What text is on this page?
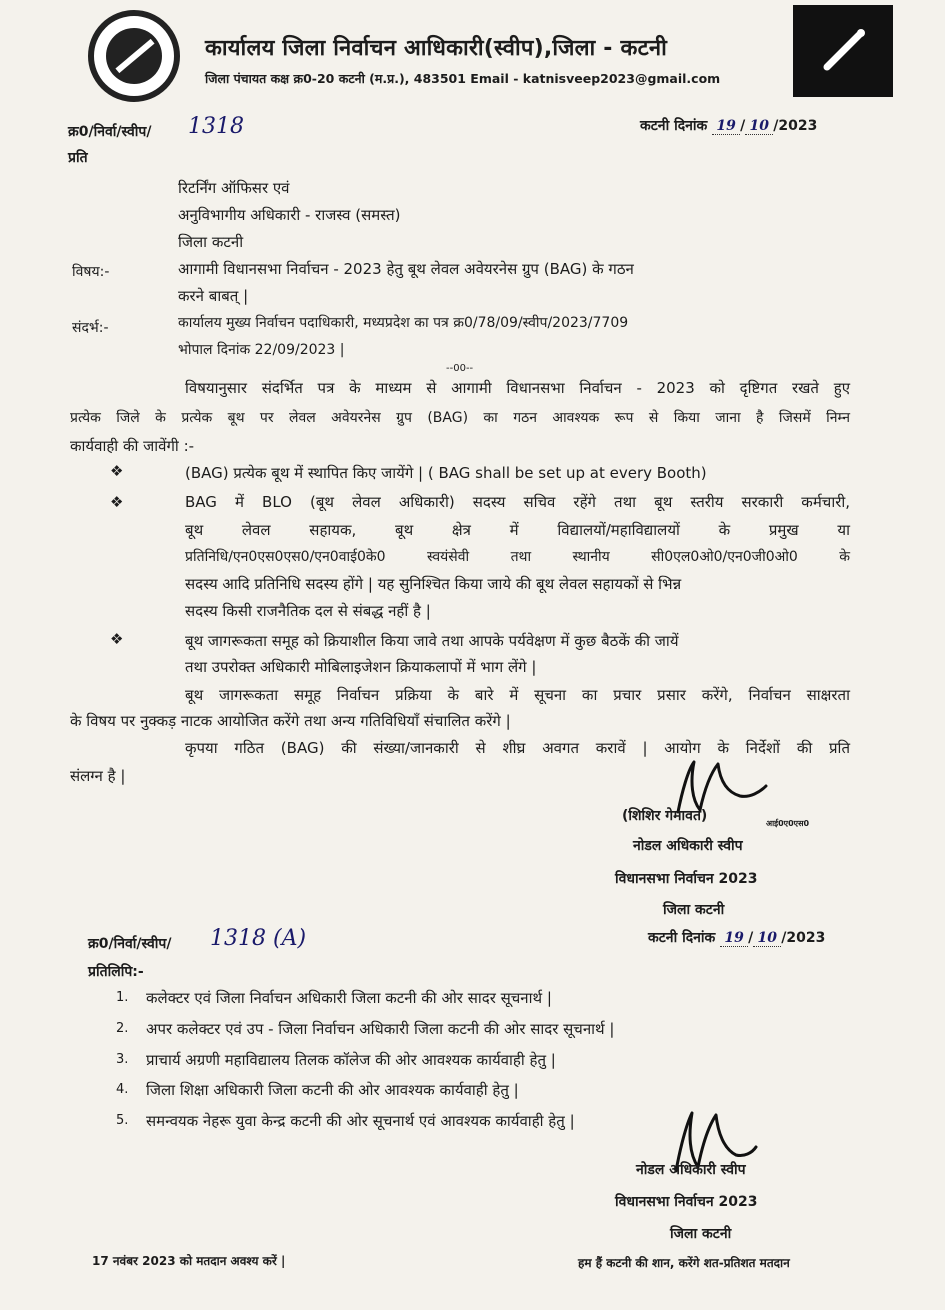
कार्यालय जिला निर्वाचन आधिकारी(स्वीप),जिला - कटनी
जिला पंचायत कक्ष क्र0-20 कटनी (म.प्र.), 483501 Email - katnisveep2023@gmail.com
क्र0/निर्वा/स्वीप/ 1318	कटनी दिनांक 19 / 10 /2023
प्रति
रिटर्निंग ऑफिसर एवं
अनुविभागीय अधिकारी - राजस्व (समस्त)
जिला कटनी
विषय:-	आगामी विधानसभा निर्वाचन - 2023 हेतु बूथ लेवल अवेयरनेस ग्रुप (BAG) के गठन
करने बाबत् |
संदर्भ:-	कार्यालय मुख्य निर्वाचन पदाधिकारी, मध्यप्रदेश का पत्र क्र0/78/09/स्वीप/2023/7709
भोपाल दिनांक 22/09/2023 |
--00--
विषयानुसार संदर्भित पत्र के माध्यम से आगामी विधानसभा निर्वाचन - 2023 को दृष्टिगत रखते हुए
प्रत्येक जिले के प्रत्येक बूथ पर लेवल अवेयरनेस ग्रुप (BAG) का गठन आवश्यक रूप से किया जाना है जिसमें निम्न
कार्यवाही की जावेंगी :-
❖	(BAG) प्रत्येक बूथ में स्थापित किए जायेंगे | ( BAG shall be set up at every Booth)
❖	BAG में BLO (बूथ लेवल अधिकारी) सदस्य सचिव रहेंगे तथा बूथ स्तरीय सरकारी कर्मचारी,
बूथ लेवल सहायक, बूथ क्षेत्र में विद्यालयों/महाविद्यालयों के प्रमुख या
प्रतिनिधि/एन0एस0एस0/एन0वाई0के0 स्वयंसेवी तथा स्थानीय सी0एल0ओ0/एन0जी0ओ0 के
सदस्य आदि प्रतिनिधि सदस्य होंगे | यह सुनिश्चित किया जाये की बूथ लेवल सहायकों से भिन्न
सदस्य किसी राजनैतिक दल से संबद्ध नहीं है |
❖	बूथ जागरूकता समूह को क्रियाशील किया जावे तथा आपके पर्यवेक्षण में कुछ बैठकें की जायें
तथा उपरोक्त अधिकारी मोबिलाइजेशन क्रियाकलापों में भाग लेंगे |
बूथ जागरूकता समूह निर्वाचन प्रक्रिया के बारे में सूचना का प्रचार प्रसार करेंगे, निर्वाचन साक्षरता
के विषय पर नुक्कड़ नाटक आयोजित करेंगे तथा अन्य गतिविधियाँ संचालित करेंगे |
कृपया गठित (BAG) की संख्या/जानकारी से शीघ्र अवगत करावें | आयोग के निर्देशों की प्रति
संलग्न है |
(शिशिर गेमावत)	आई0ए0एस0
नोडल अधिकारी स्वीप
विधानसभा निर्वाचन 2023
जिला कटनी
कटनी दिनांक 19 / 10 /2023
क्र0/निर्वा/स्वीप/ 1318 (A)
प्रतिलिपि:-
1. कलेक्टर एवं जिला निर्वाचन अधिकारी जिला कटनी की ओर सादर सूचनार्थ |
2. अपर कलेक्टर एवं उप - जिला निर्वाचन अधिकारी जिला कटनी की ओर सादर सूचनार्थ |
3. प्राचार्य अग्रणी महाविद्यालय तिलक कॉलेज की ओर आवश्यक कार्यवाही हेतु |
4. जिला शिक्षा अधिकारी जिला कटनी की ओर आवश्यक कार्यवाही हेतु |
5. समन्वयक नेहरू युवा केन्द्र कटनी की ओर सूचनार्थ एवं आवश्यक कार्यवाही हेतु |
नोडल अधिकारी स्वीप
विधानसभा निर्वाचन 2023
जिला कटनी
17 नवंबर 2023 को मतदान अवश्य करें |	हम हैं कटनी की शान, करेंगे शत-प्रतिशत मतदान
